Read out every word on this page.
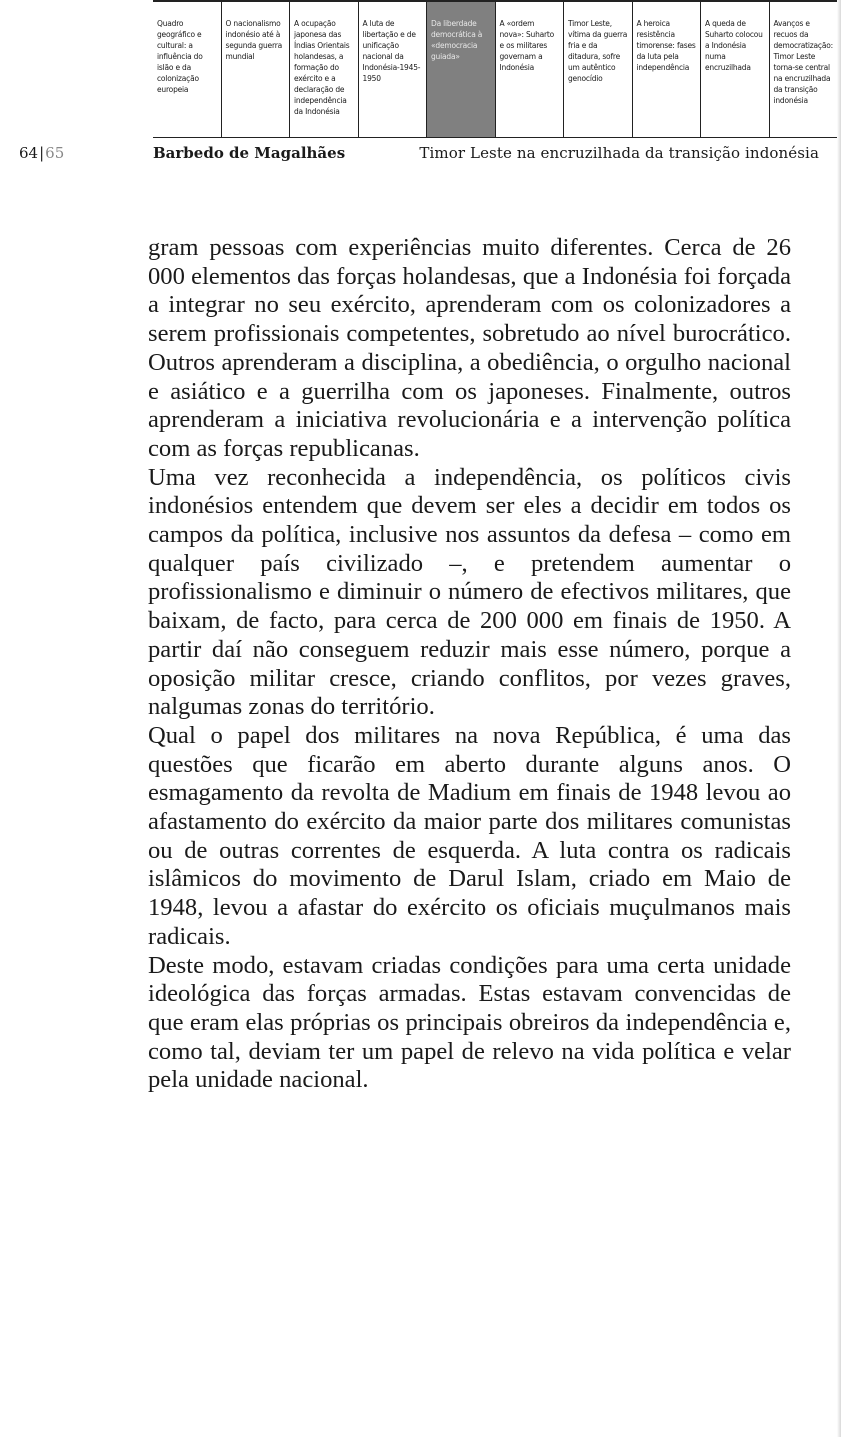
Quadro geográfico e cultural: a influência do islão e da colonização europeia
O nacionalismo indonésio até à segunda guerra mundial
A ocupação japonesa das Índias Orientais holandesas, a formação do exército e a declaração de independência da Indonésia
A luta de libertação e de unificação nacional da Indonésia-1945-1950
Da liberdade democrática à «democracia guiada»
A «ordem nova»: Suharto e os militares governam a Indonésia
Timor Leste, vítima da guerra fria e da ditadura, sofre um autêntico genocídio
A heroica resistência timorense: fases da luta pela independência
A queda de Suharto colocou a Indonésia numa encruzilhada
Avanços e recuos da democratização: Timor Leste torna-se central na encruzilhada da transição indonésia
64|65	Barbedo de Magalhães	Timor Leste na encruzilhada da transição indonésia

gram pessoas com experiências muito diferentes. Cerca de 26 000 elementos das forças holandesas, que a Indonésia foi forçada a integrar no seu exército, aprenderam com os colonizadores a serem profissionais competentes, sobretudo ao nível burocrático. Outros aprenderam a disciplina, a obediência, o orgulho nacional e asiático e a guerrilha com os japoneses. Finalmente, outros aprenderam a iniciativa revolucionária e a intervenção política com as forças republicanas.

Uma vez reconhecida a independência, os políticos civis indonésios entendem que devem ser eles a decidir em todos os campos da política, inclusive nos assuntos da defesa – como em qualquer país civilizado –, e pretendem aumentar o profissionalismo e diminuir o número de efectivos militares, que baixam, de facto, para cerca de 200 000 em finais de 1950. A partir daí não conseguem reduzir mais esse número, porque a oposição militar cresce, criando conflitos, por vezes graves, nalgumas zonas do território.

Qual o papel dos militares na nova República, é uma das questões que ficarão em aberto durante alguns anos. O esmagamento da revolta de Madium em finais de 1948 levou ao afastamento do exército da maior parte dos militares comunistas ou de outras correntes de esquerda. A luta contra os radicais islâmicos do movimento de Darul Islam, criado em Maio de 1948, levou a afastar do exército os oficiais muçulmanos mais radicais.

Deste modo, estavam criadas condições para uma certa unidade ideológica das forças armadas. Estas estavam convencidas de que eram elas próprias os principais obreiros da independência e, como tal, deviam ter um papel de relevo na vida política e velar pela unidade nacional.
